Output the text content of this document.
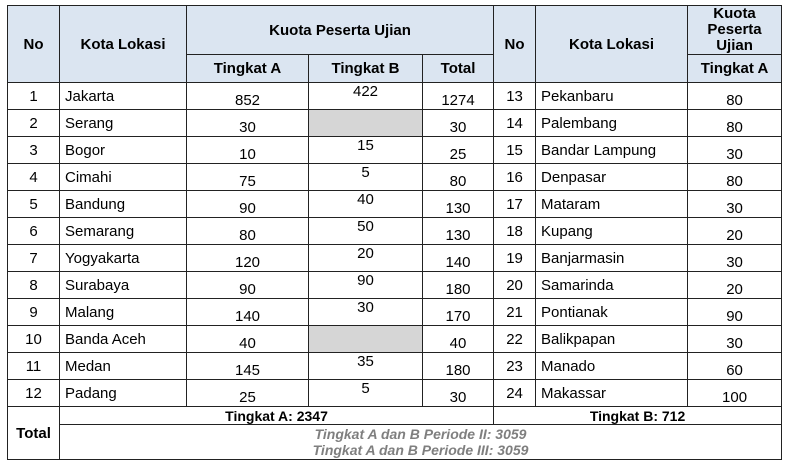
No	Kota Lokasi	Kuota Peserta Ujian			No	Kota Lokasi	Kuota
Peserta Ujian
		Tingkat A	Tingkat B	Total			Tingkat A
1	Jakarta	852	422	1274	13	Pekanbaru	80
2	Serang	30		30	14	Palembang	80
3	Bogor	10	15	25	15	Bandar Lampung	30
4	Cimahi	75	5	80	16	Denpasar	80
5	Bandung	90	40	130	17	Mataram	30
6	Semarang	80	50	130	18	Kupang	20
7	Yogyakarta	120	20	140	19	Banjarmasin	30
8	Surabaya	90	90	180	20	Samarinda	20
9	Malang	140	30	170	21	Pontianak	90
10	Banda Aceh	40		40	22	Balikpapan	30
11	Medan	145	35	180	23	Manado	60
12	Padang	25	5	30	24	Makassar	100
Total	Tingkat A: 2347				Tingkat B: 712		
	Tingkat A dan B Periode II: 3059
Tingkat A dan B Periode III: 3059						
